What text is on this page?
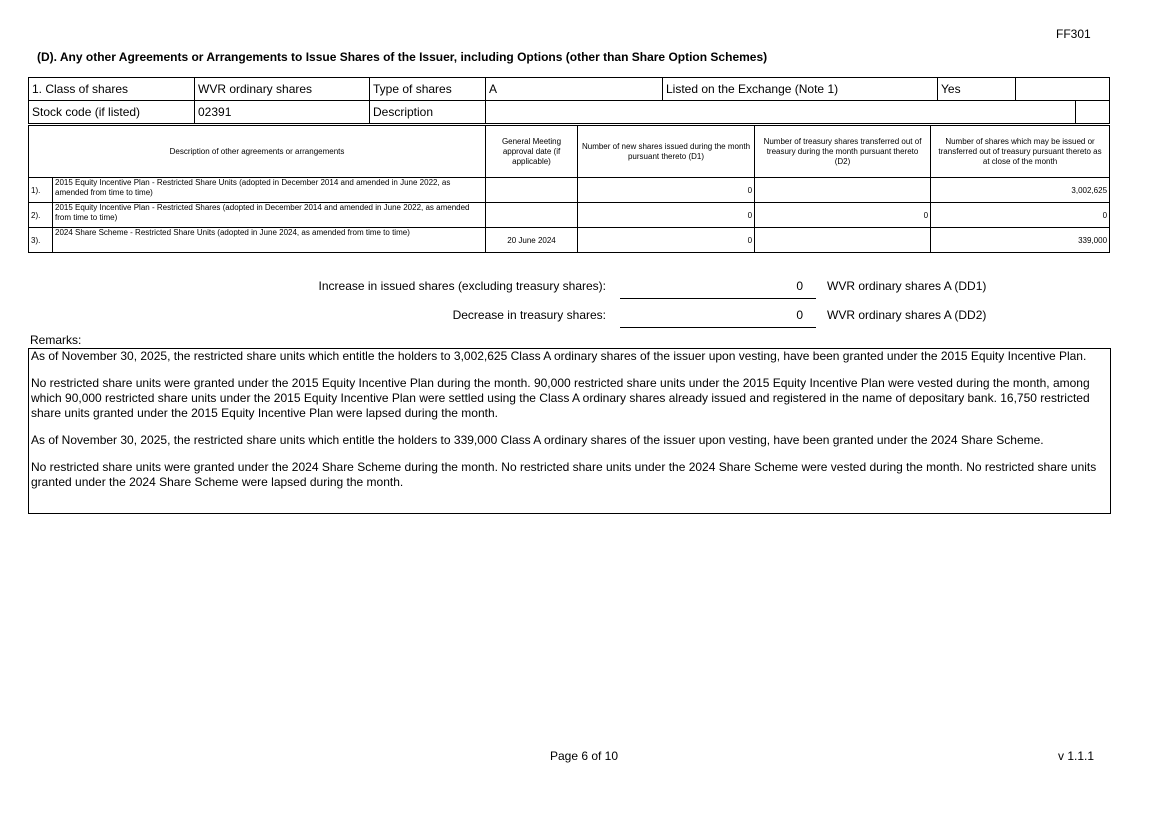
FF301
(D). Any other Agreements or Arrangements to Issue Shares of the Issuer, including Options (other than Share Option Schemes)
1. Class of shares	WVR ordinary shares	Type of shares	A	Listed on the Exchange (Note 1)	Yes		
Stock code (if listed)	02391	Description					
Description of other agreements or arrangements		General Meeting approval date (if applicable)	Number of new shares issued during the month pursuant thereto (D1)	Number of treasury shares transferred out of treasury during the month pursuant thereto (D2)	Number of shares which may be issued or transferred out of treasury pursuant thereto as at close of the month
1).	2015 Equity Incentive Plan - Restricted Share Units (adopted in December 2014 and amended in June 2022, as amended from time to time)		0		3,002,625
2).	2015 Equity Incentive Plan - Restricted Shares (adopted in December 2014 and amended in June 2022, as amended from time to time)		0	0	0
3).	2024 Share Scheme - Restricted Share Units (adopted in June 2024, as amended from time to time)	20 June 2024	0		339,000
Increase in issued shares (excluding treasury shares):	0 WVR ordinary shares A (DD1)
Decrease in treasury shares:	0 WVR ordinary shares A (DD2)
Remarks:

As of November 30, 2025, the restricted share units which entitle the holders to 3,002,625 Class A ordinary shares of the issuer upon vesting, have been granted under the 2015 Equity Incentive Plan.

No restricted share units were granted under the 2015 Equity Incentive Plan during the month. 90,000 restricted share units under the 2015 Equity Incentive Plan were vested during the month, among which 90,000 restricted share units under the 2015 Equity Incentive Plan were settled using the Class A ordinary shares already issued and registered in the name of depositary bank. 16,750 restricted share units granted under the 2015 Equity Incentive Plan were lapsed during the month.

As of November 30, 2025, the restricted share units which entitle the holders to 339,000 Class A ordinary shares of the issuer upon vesting, have been granted under the 2024 Share Scheme.

No restricted share units were granted under the 2024 Share Scheme during the month. No restricted share units under the 2024 Share Scheme were vested during the month. No restricted share units granted under the 2024 Share Scheme were lapsed during the month.

Page 6 of 10	v 1.1.1
